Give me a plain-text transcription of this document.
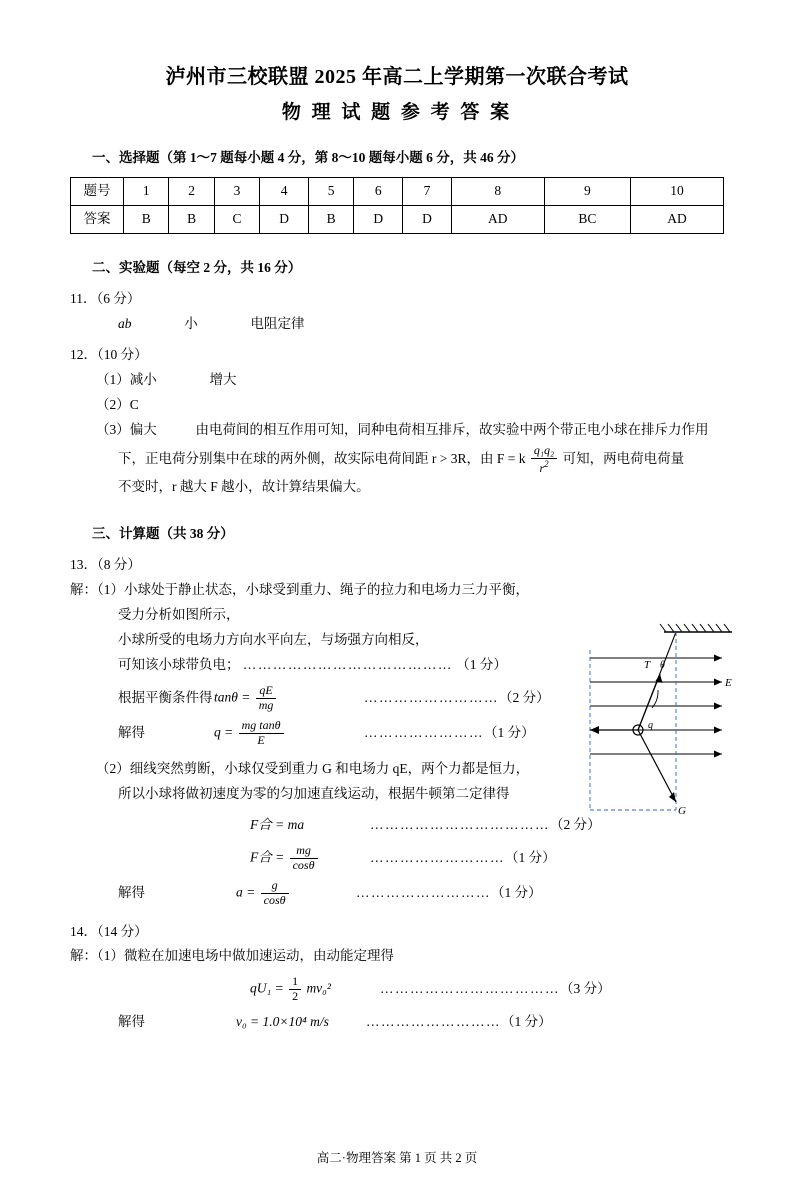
泸州市三校联盟 2025 年高二上学期第一次联合考试
物 理 试 题 参 考 答 案
一、选择题（第 1～7 题每小题 4 分，第 8～10 题每小题 6 分，共 46 分）
题号	1	2	3	4	5	6	7	8	9	10
答案	B	B	C	D	B	D	D	AD	BC	AD
二、实验题（每空 2 分，共 16 分）
11．（6 分）
ab	小	电阻定律
12．（10 分）
（1）减小	增大
（2）C
（3）偏大	由电荷间的相互作用可知，同种电荷相互排斥，故实验中两个带正电小球在排斥力作用
下，正电荷分别集中在球的两外侧，故实际电荷间距 r > 3R，由 F = k $\frac{\text{q₁q₂}}{r^2}$ 可知，两电荷电荷量
不变时，r 越大 F 越小，故计算结果偏大。
三、计算题（共 38 分）
13．（8 分）
解：（1）小球处于静止状态，小球受到重力、绳子的拉力和电场力三力平衡，
受力分析如图所示，
小球所受的电场力方向水平向左，与场强方向相反，
可知该小球带负电； …………………………………… （1 分）
根据平衡条件得 $\tan\theta = \frac{qE}{mg}$	……………………… （2 分）
解得	$q = \frac{\text{mg tanθ}}{E}$	…………………… （1 分）
（2）细线突然剪断，小球仅受到重力 G 和电场力 qE，两个力都是恒力，
所以小球将做初速度为零的匀加速直线运动，根据牛顿第二定律得
F合 = ma	……………………………… （2 分）
F合 = $\frac{mg}{\cos\theta}$	……………………… （1 分）
解得	$a = \frac{g}{\cos\theta}$	……………………… （1 分）
14．（14 分）
解：（1）微粒在加速电场中做加速运动，由动能定理得
$qU_1 = \frac{1}{2} mv_0^2$	……………………………… （3 分）
解得	v₀ = 1.0×10⁴ m/s	……………………… （1 分）
T θ
E
q
G
高二·物理答案 第 1 页 共 2 页
